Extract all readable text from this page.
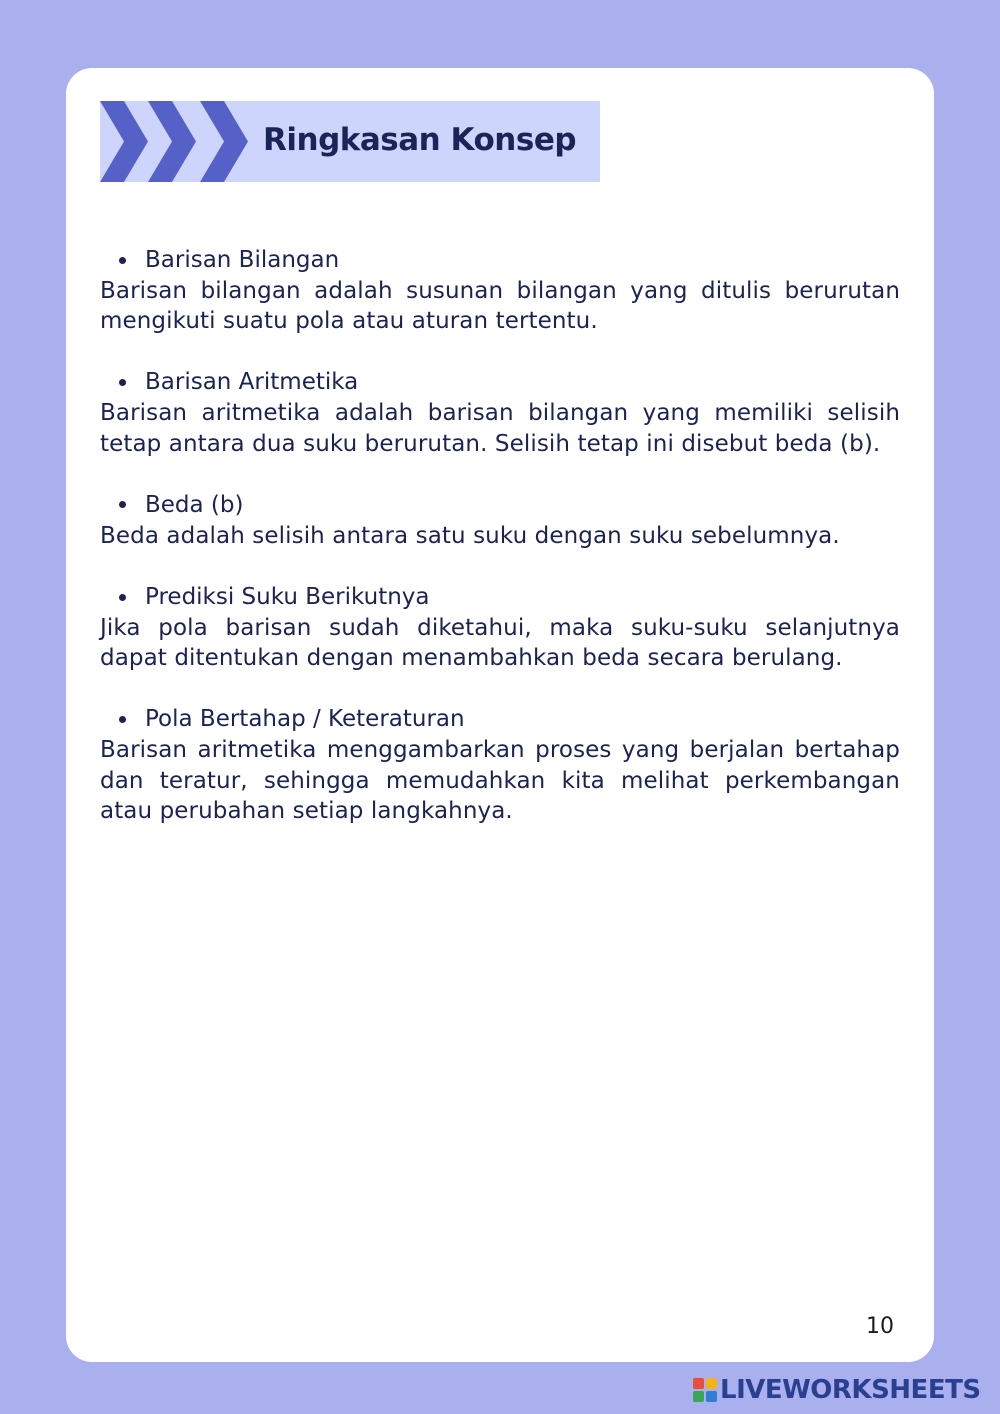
Ringkasan Konsep
Barisan Bilangan

Barisan bilangan adalah susunan bilangan yang ditulis berurutan mengikuti suatu pola atau aturan tertentu.

Barisan Aritmetika

Barisan aritmetika adalah barisan bilangan yang memiliki selisih tetap antara dua suku berurutan. Selisih tetap ini disebut beda (b).

Beda (b)

Beda adalah selisih antara satu suku dengan suku sebelumnya.

Prediksi Suku Berikutnya

Jika pola barisan sudah diketahui, maka suku-suku selanjutnya dapat ditentukan dengan menambahkan beda secara berulang.

Pola Bertahap / Keteraturan

Barisan aritmetika menggambarkan proses yang berjalan bertahap dan teratur, sehingga memudahkan kita melihat perkembangan atau perubahan setiap langkahnya.

10
LIVEWORKSHEETS
